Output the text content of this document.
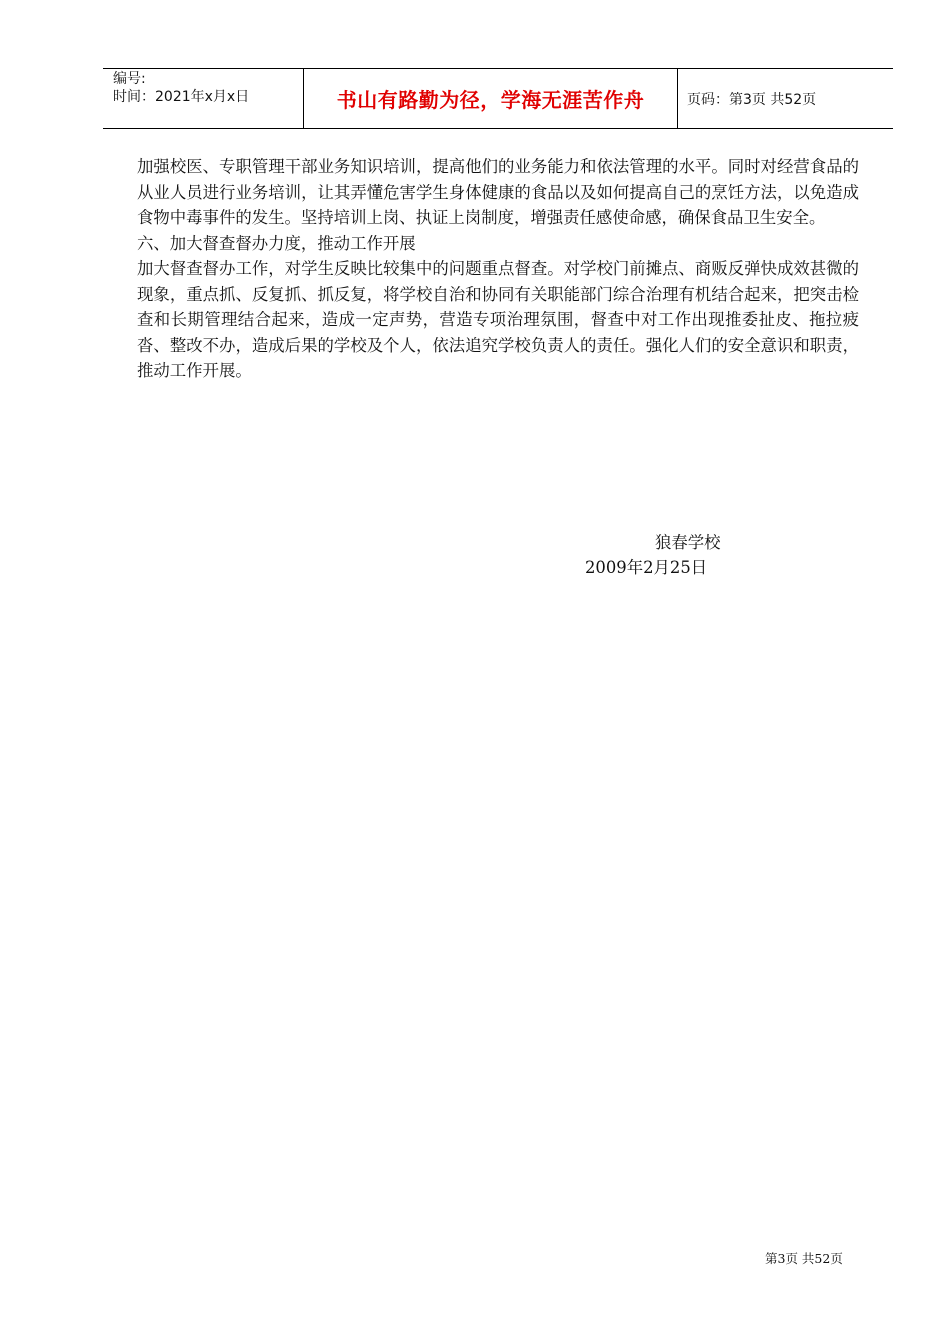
编号:
时间：2021年x月x日	书山有路勤为径，学海无涯苦作舟	页码：第3页 共52页

加强校医、专职管理干部业务知识培训，提高他们的业务能力和依法管理的水平。同时对经营食品的从业人员进行业务培训，让其弄懂危害学生身体健康的食品以及如何提高自己的烹饪方法，以免造成食物中毒事件的发生。坚持培训上岗、执证上岗制度，增强责任感使命感，确保食品卫生安全。

六、加大督查督办力度，推动工作开展

加大督查督办工作，对学生反映比较集中的问题重点督查。对学校门前摊点、商贩反弹快成效甚微的现象，重点抓、反复抓、抓反复，将学校自治和协同有关职能部门综合治理有机结合起来，把突击检查和长期管理结合起来，造成一定声势，营造专项治理氛围，督查中对工作出现推委扯皮、拖拉疲沓、整改不办，造成后果的学校及个人，依法追究学校负责人的责任。强化人们的安全意识和职责，推动工作开展。

狼春学校
2009年2月25日
第3页 共52页
